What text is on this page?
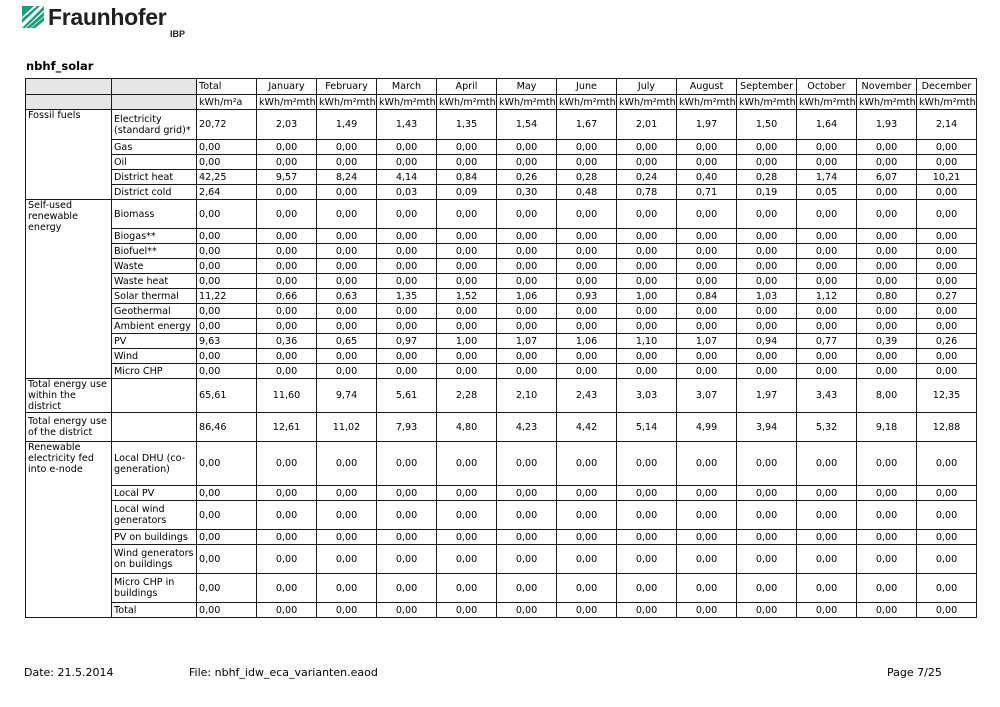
Fraunhofer
IBP
nbhf_solar
		Total	January	February	March	April	May	June	July	August	September	October	November	December
		kWh/m²a	kWh/m²mth	kWh/m²mth	kWh/m²mth	kWh/m²mth	kWh/m²mth	kWh/m²mth	kWh/m²mth	kWh/m²mth	kWh/m²mth	kWh/m²mth	kWh/m²mth	kWh/m²mth
Fossil fuels	Electricity (standard grid)*	20,72	2,03	1,49	1,43	1,35	1,54	1,67	2,01	1,97	1,50	1,64	1,93	2,14
	Gas	0,00	0,00	0,00	0,00	0,00	0,00	0,00	0,00	0,00	0,00	0,00	0,00	0,00
	Oil	0,00	0,00	0,00	0,00	0,00	0,00	0,00	0,00	0,00	0,00	0,00	0,00	0,00
	District heat	42,25	9,57	8,24	4,14	0,84	0,26	0,28	0,24	0,40	0,28	1,74	6,07	10,21
	District cold	2,64	0,00	0,00	0,03	0,09	0,30	0,48	0,78	0,71	0,19	0,05	0,00	0,00
Self-used renewable energy	Biomass	0,00	0,00	0,00	0,00	0,00	0,00	0,00	0,00	0,00	0,00	0,00	0,00	0,00
	Biogas**	0,00	0,00	0,00	0,00	0,00	0,00	0,00	0,00	0,00	0,00	0,00	0,00	0,00
	Biofuel**	0,00	0,00	0,00	0,00	0,00	0,00	0,00	0,00	0,00	0,00	0,00	0,00	0,00
	Waste	0,00	0,00	0,00	0,00	0,00	0,00	0,00	0,00	0,00	0,00	0,00	0,00	0,00
	Waste heat	0,00	0,00	0,00	0,00	0,00	0,00	0,00	0,00	0,00	0,00	0,00	0,00	0,00
	Solar thermal	11,22	0,66	0,63	1,35	1,52	1,06	0,93	1,00	0,84	1,03	1,12	0,80	0,27
	Geothermal	0,00	0,00	0,00	0,00	0,00	0,00	0,00	0,00	0,00	0,00	0,00	0,00	0,00
	Ambient energy	0,00	0,00	0,00	0,00	0,00	0,00	0,00	0,00	0,00	0,00	0,00	0,00	0,00
	PV	9,63	0,36	0,65	0,97	1,00	1,07	1,06	1,10	1,07	0,94	0,77	0,39	0,26
	Wind	0,00	0,00	0,00	0,00	0,00	0,00	0,00	0,00	0,00	0,00	0,00	0,00	0,00
	Micro CHP	0,00	0,00	0,00	0,00	0,00	0,00	0,00	0,00	0,00	0,00	0,00	0,00	0,00
Total energy use within the district		65,61	11,60	9,74	5,61	2,28	2,10	2,43	3,03	3,07	1,97	3,43	8,00	12,35
Total energy use of the district		86,46	12,61	11,02	7,93	4,80	4,23	4,42	5,14	4,99	3,94	5,32	9,18	12,88
Renewable electricity fed into e-node	Local DHU (co-generation)	0,00	0,00	0,00	0,00	0,00	0,00	0,00	0,00	0,00	0,00	0,00	0,00	0,00
	Local PV	0,00	0,00	0,00	0,00	0,00	0,00	0,00	0,00	0,00	0,00	0,00	0,00	0,00
	Local wind generators	0,00	0,00	0,00	0,00	0,00	0,00	0,00	0,00	0,00	0,00	0,00	0,00	0,00
	PV on buildings	0,00	0,00	0,00	0,00	0,00	0,00	0,00	0,00	0,00	0,00	0,00	0,00	0,00
	Wind generators on buildings	0,00	0,00	0,00	0,00	0,00	0,00	0,00	0,00	0,00	0,00	0,00	0,00	0,00
	Micro CHP in buildings	0,00	0,00	0,00	0,00	0,00	0,00	0,00	0,00	0,00	0,00	0,00	0,00	0,00
	Total	0,00	0,00	0,00	0,00	0,00	0,00	0,00	0,00	0,00	0,00	0,00	0,00	0,00
Date: 21.5.2014	File: nbhf_idw_eca_varianten.eaod	Page 7/25
